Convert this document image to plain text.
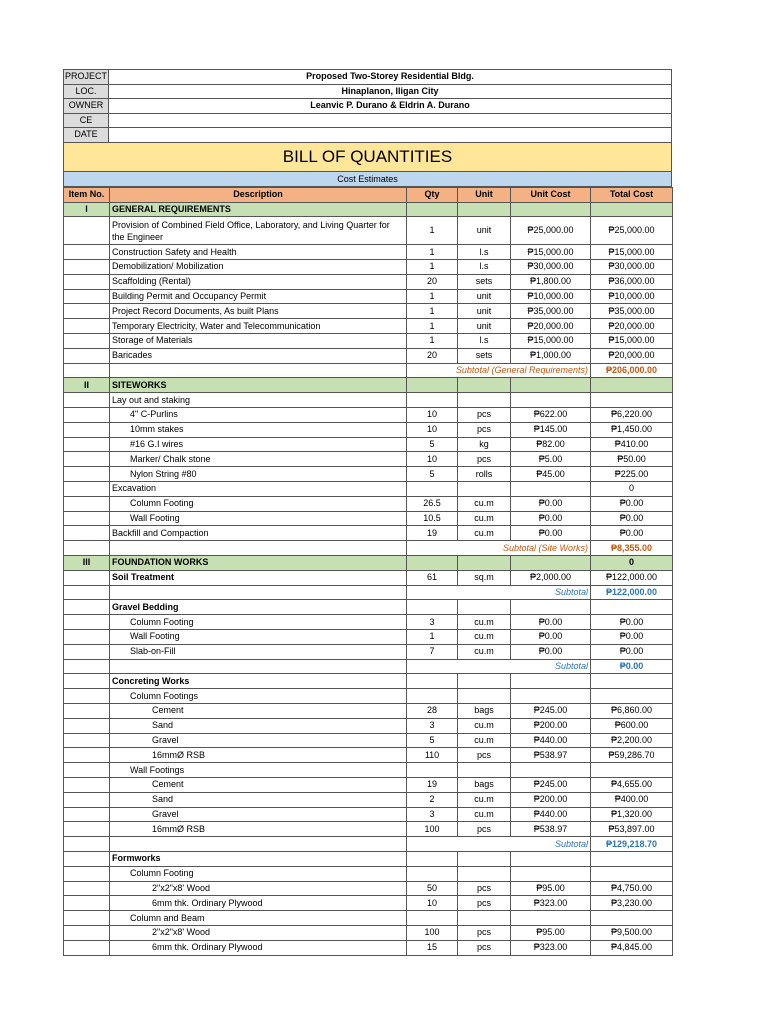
PROJECT	Proposed Two-Storey Residential Bldg.
LOC.	Hinaplanon, Iligan City
OWNER	Leanvic P. Durano & Eldrin A. Durano
CE	
DATE	
BILL OF QUANTITIES
Cost Estimates
Item No.	Description	Qty	Unit	Unit Cost	Total Cost
I	GENERAL REQUIREMENTS				
	Provision of Combined Field Office, Laboratory, and Living Quarter for the Engineer	1	unit	₱25,000.00	₱25,000.00
	Construction Safety and Health	1	l.s	₱15,000.00	₱15,000.00
	Demobilization/ Mobilization	1	l.s	₱30,000.00	₱30,000.00
	Scaffolding (Rental)	20	sets	₱1,800.00	₱36,000.00
	Building Permit and Occupancy Permit	1	unit	₱10,000.00	₱10,000.00
	Project Record Documents, As built Plans	1	unit	₱35,000.00	₱35,000.00
	Temporary Electricity, Water and Telecommunication	1	unit	₱20,000.00	₱20,000.00
	Storage of Materials	1	l.s	₱15,000.00	₱15,000.00
	Baricades	20	sets	₱1,000.00	₱20,000.00
		Subtotal (General Requirements)			₱206,000.00
II	SITEWORKS				
	Lay out and staking				
	4" C-Purlins	10	pcs	₱622.00	₱6,220.00
	10mm stakes	10	pcs	₱145.00	₱1,450.00
	#16 G.I wires	5	kg	₱82.00	₱410.00
	Marker/ Chalk stone	10	pcs	₱5.00	₱50.00
	Nylon String #80	5	rolls	₱45.00	₱225.00
	Excavation				0
	Column Footing	26.5	cu.m	₱0.00	₱0.00
	Wall Footing	10.5	cu.m	₱0.00	₱0.00
	Backfill and Compaction	19	cu.m	₱0.00	₱0.00
		Subtotal (Site Works)			₱8,355.00
III	FOUNDATION WORKS				0
	Soil Treatment	61	sq.m	₱2,000.00	₱122,000.00
		Subtotal			₱122,000.00
	Gravel Bedding				
	Column Footing	3	cu.m	₱0.00	₱0.00
	Wall Footing	1	cu.m	₱0.00	₱0.00
	Slab-on-Fill	7	cu.m	₱0.00	₱0.00
		Subtotal			₱0.00
	Concreting Works				
	Column Footings				
	Cement	28	bags	₱245.00	₱6,860.00
	Sand	3	cu.m	₱200.00	₱600.00
	Gravel	5	cu.m	₱440.00	₱2,200.00
	16mmØ RSB	110	pcs	₱538.97	₱59,286.70
	Wall Footings				
	Cement	19	bags	₱245.00	₱4,655.00
	Sand	2	cu.m	₱200.00	₱400.00
	Gravel	3	cu.m	₱440.00	₱1,320.00
	16mmØ RSB	100	pcs	₱538.97	₱53,897.00
		Subtotal			₱129,218.70
	Formworks				
	Column Footing				
	2"x2"x8' Wood	50	pcs	₱95.00	₱4,750.00
	6mm thk. Ordinary Plywood	10	pcs	₱323.00	₱3,230.00
	Column and Beam				
	2"x2"x8' Wood	100	pcs	₱95.00	₱9,500.00
	6mm thk. Ordinary Plywood	15	pcs	₱323.00	₱4,845.00
